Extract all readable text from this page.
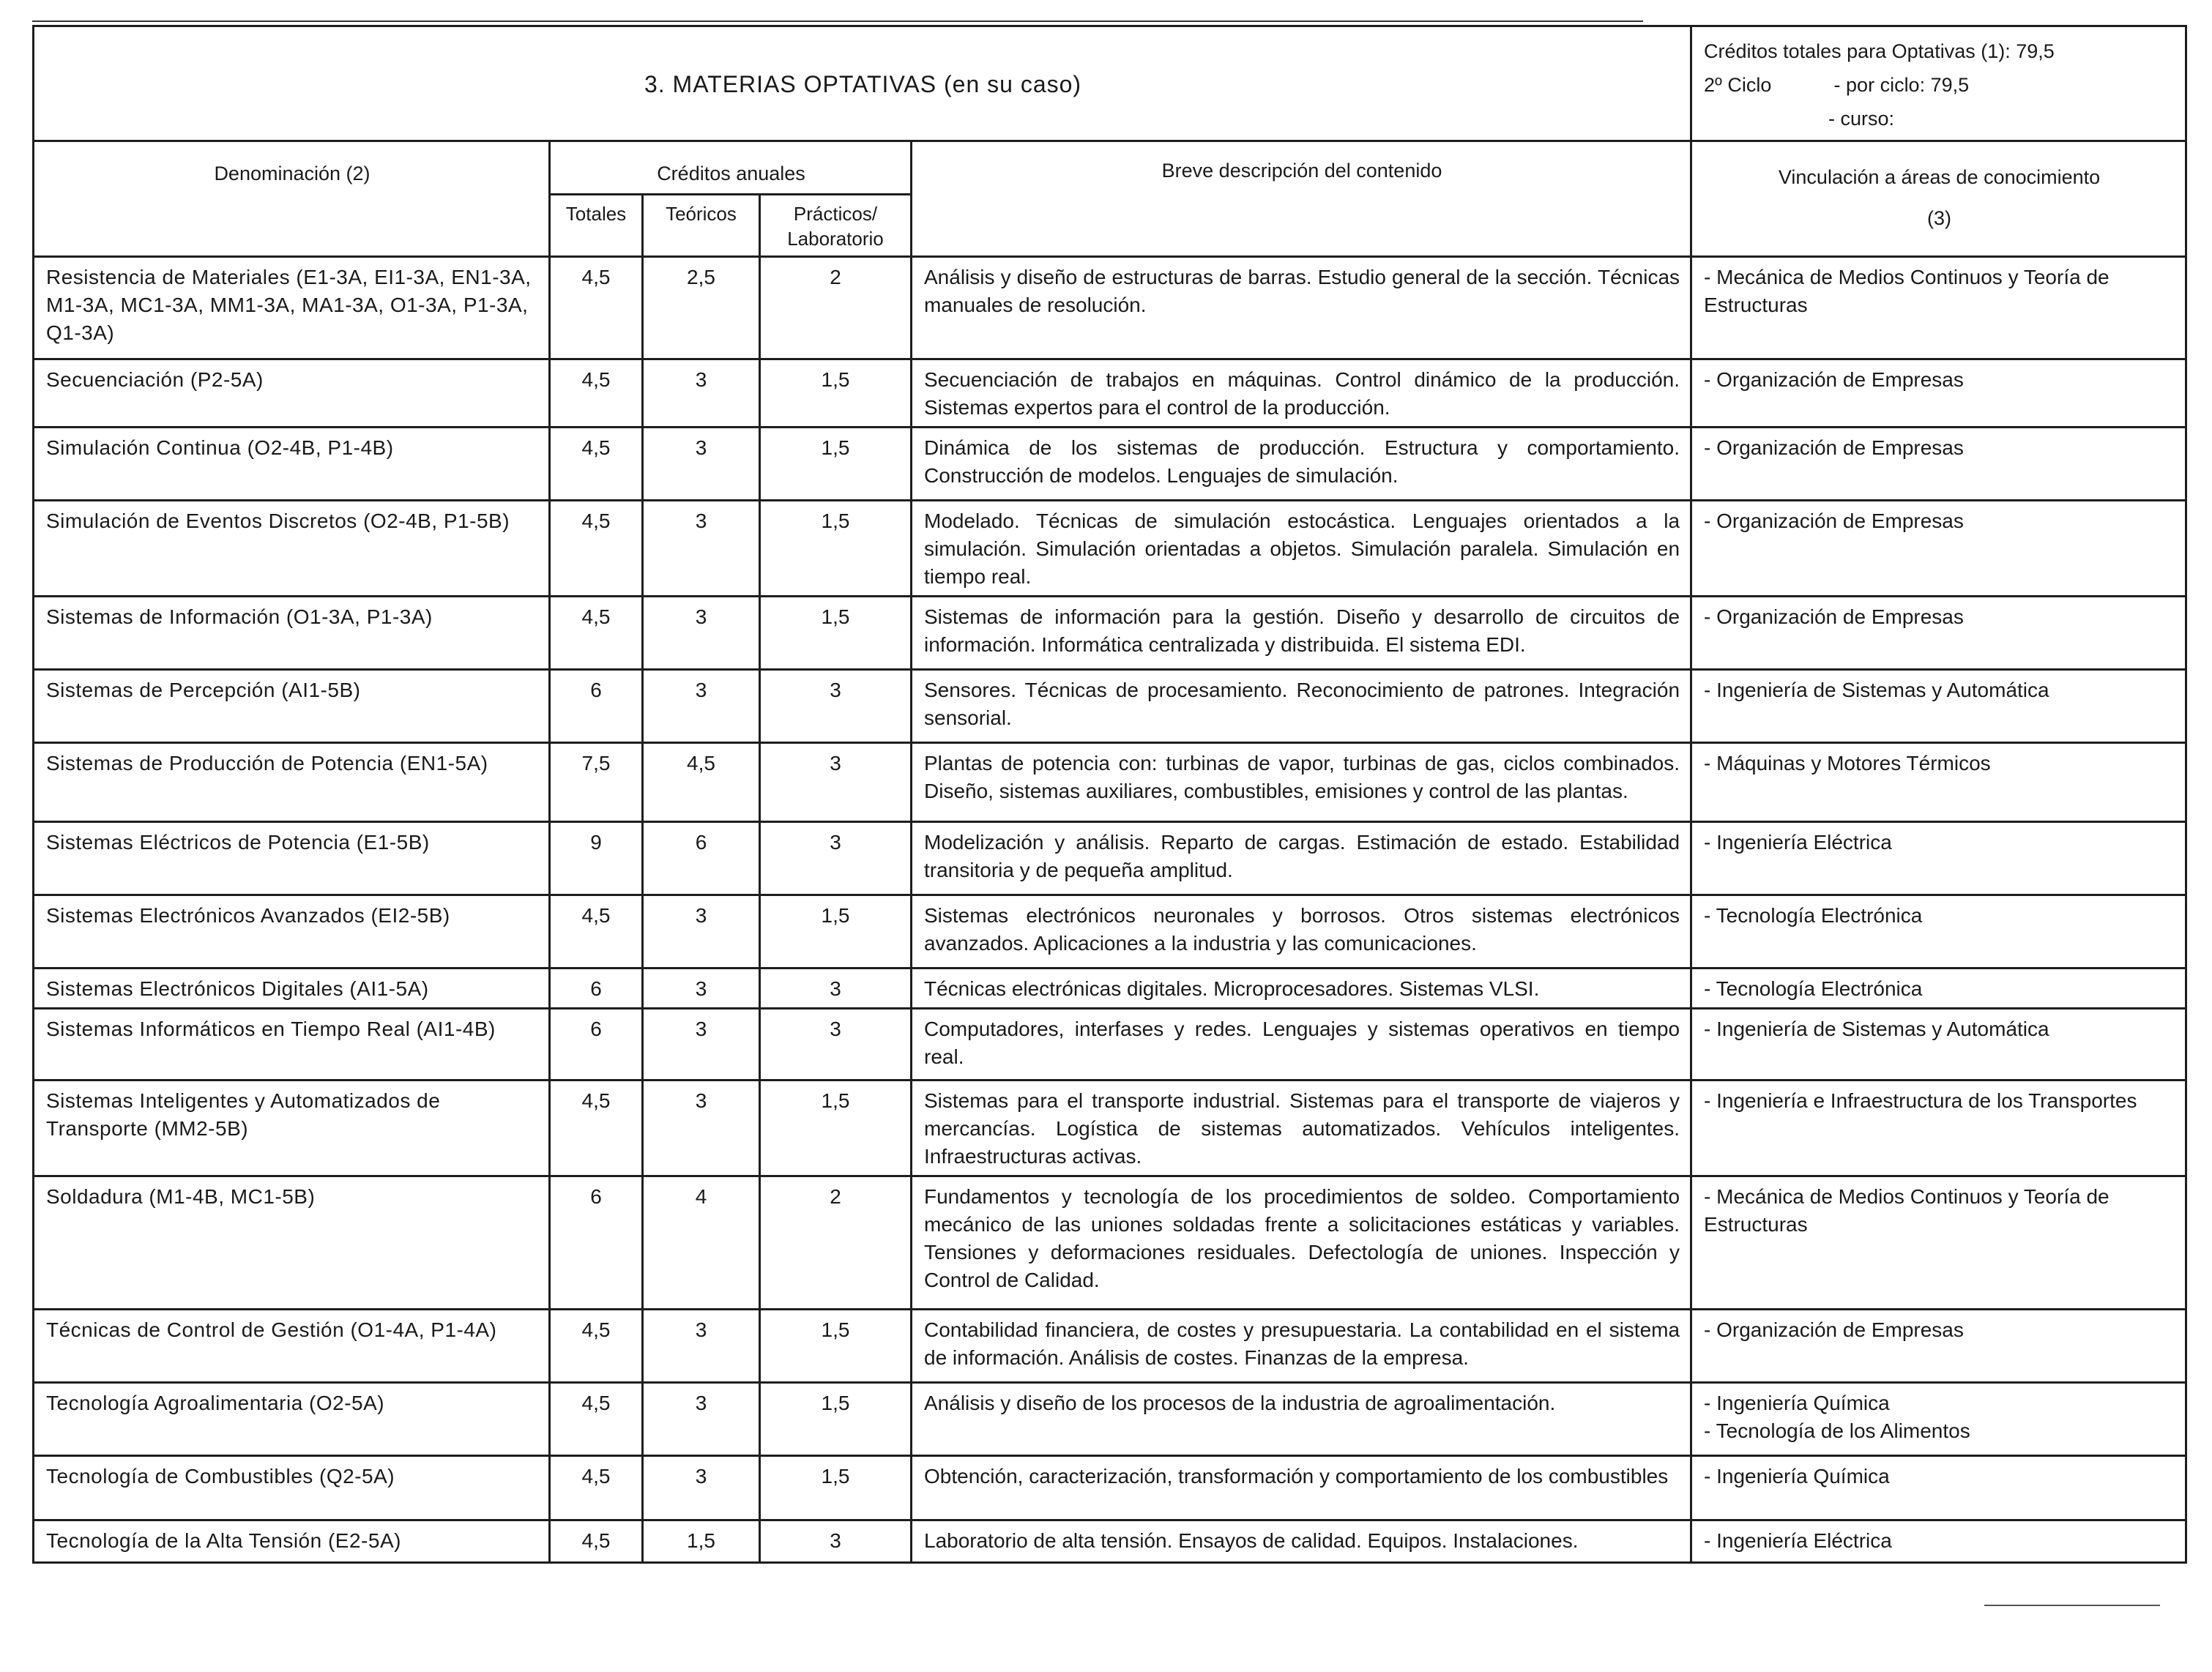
3. MATERIAS OPTATIVAS (en su caso)					Créditos totales para Optativas (1): 79,5
2º Ciclo - por ciclo: 79,5
- curso:

Denominación (2)	Créditos anuales			Breve descripción del contenido	Vinculación a áreas de conocimiento
(3)

	Totales	Teóricos	Prácticos/ Laboratorio		
Resistencia de Materiales (E1-3A, EI1-3A, EN1-3A, M1-3A, MC1-3A, MM1-3A, MA1-3A, O1-3A, P1-3A, Q1-3A)	4,5	2,5	2	Análisis y diseño de estructuras de barras. Estudio general de la sección. Técnicas manuales de resolución.	- Mecánica de Medios Continuos y Teoría de Estructuras

Secuenciación (P2-5A)	4,5	3	1,5	Secuenciación de trabajos en máquinas. Control dinámico de la producción. Sistemas expertos para el control de la producción.	- Organización de Empresas

Simulación Continua (O2-4B, P1-4B)	4,5	3	1,5	Dinámica de los sistemas de producción. Estructura y comportamiento. Construcción de modelos. Lenguajes de simulación.	- Organización de Empresas

Simulación de Eventos Discretos (O2-4B, P1-5B)	4,5	3	1,5	Modelado. Técnicas de simulación estocástica. Lenguajes orientados a la simulación. Simulación orientadas a objetos. Simulación paralela. Simulación en tiempo real.	- Organización de Empresas

Sistemas de Información (O1-3A, P1-3A)	4,5	3	1,5	Sistemas de información para la gestión. Diseño y desarrollo de circuitos de información. Informática centralizada y distribuida. El sistema EDI.	- Organización de Empresas

Sistemas de Percepción (AI1-5B)	6	3	3	Sensores. Técnicas de procesamiento. Reconocimiento de patrones. Integración sensorial.	- Ingeniería de Sistemas y Automática

Sistemas de Producción de Potencia (EN1-5A)	7,5	4,5	3	Plantas de potencia con: turbinas de vapor, turbinas de gas, ciclos combinados. Diseño, sistemas auxiliares, combustibles, emisiones y control de las plantas.	- Máquinas y Motores Térmicos

Sistemas Eléctricos de Potencia (E1-5B)	9	6	3	Modelización y análisis. Reparto de cargas. Estimación de estado. Estabilidad transitoria y de pequeña amplitud.	- Ingeniería Eléctrica

Sistemas Electrónicos Avanzados (EI2-5B)	4,5	3	1,5	Sistemas electrónicos neuronales y borrosos. Otros sistemas electrónicos avanzados. Aplicaciones a la industria y las comunicaciones.	- Tecnología Electrónica

Sistemas Electrónicos Digitales (AI1-5A)	6	3	3	Técnicas electrónicas digitales. Microprocesadores. Sistemas VLSI.	- Tecnología Electrónica

Sistemas Informáticos en Tiempo Real (AI1-4B)	6	3	3	Computadores, interfases y redes. Lenguajes y sistemas operativos en tiempo real.	- Ingeniería de Sistemas y Automática

Sistemas Inteligentes y Automatizados de Transporte (MM2-5B)	4,5	3	1,5	Sistemas para el transporte industrial. Sistemas para el transporte de viajeros y mercancías. Logística de sistemas automatizados. Vehículos inteligentes. Infraestructuras activas.	- Ingeniería e Infraestructura de los Transportes

Soldadura (M1-4B, MC1-5B)	6	4	2	Fundamentos y tecnología de los procedimientos de soldeo. Comportamiento mecánico de las uniones soldadas frente a solicitaciones estáticas y variables. Tensiones y deformaciones residuales. Defectología de uniones. Inspección y Control de Calidad.	- Mecánica de Medios Continuos y Teoría de Estructuras

Técnicas de Control de Gestión (O1-4A, P1-4A)	4,5	3	1,5	Contabilidad financiera, de costes y presupuestaria. La contabilidad en el sistema de información. Análisis de costes. Finanzas de la empresa.	- Organización de Empresas

Tecnología Agroalimentaria (O2-5A)	4,5	3	1,5	Análisis y diseño de los procesos de la industria de agroalimentación.	- Ingeniería Química
- Tecnología de los Alimentos

Tecnología de Combustibles (Q2-5A)	4,5	3	1,5	Obtención, caracterización, transformación y comportamiento de los combustibles	- Ingeniería Química

Tecnología de la Alta Tensión (E2-5A)	4,5	1,5	3	Laboratorio de alta tensión. Ensayos de calidad. Equipos. Instalaciones.	- Ingeniería Eléctrica
